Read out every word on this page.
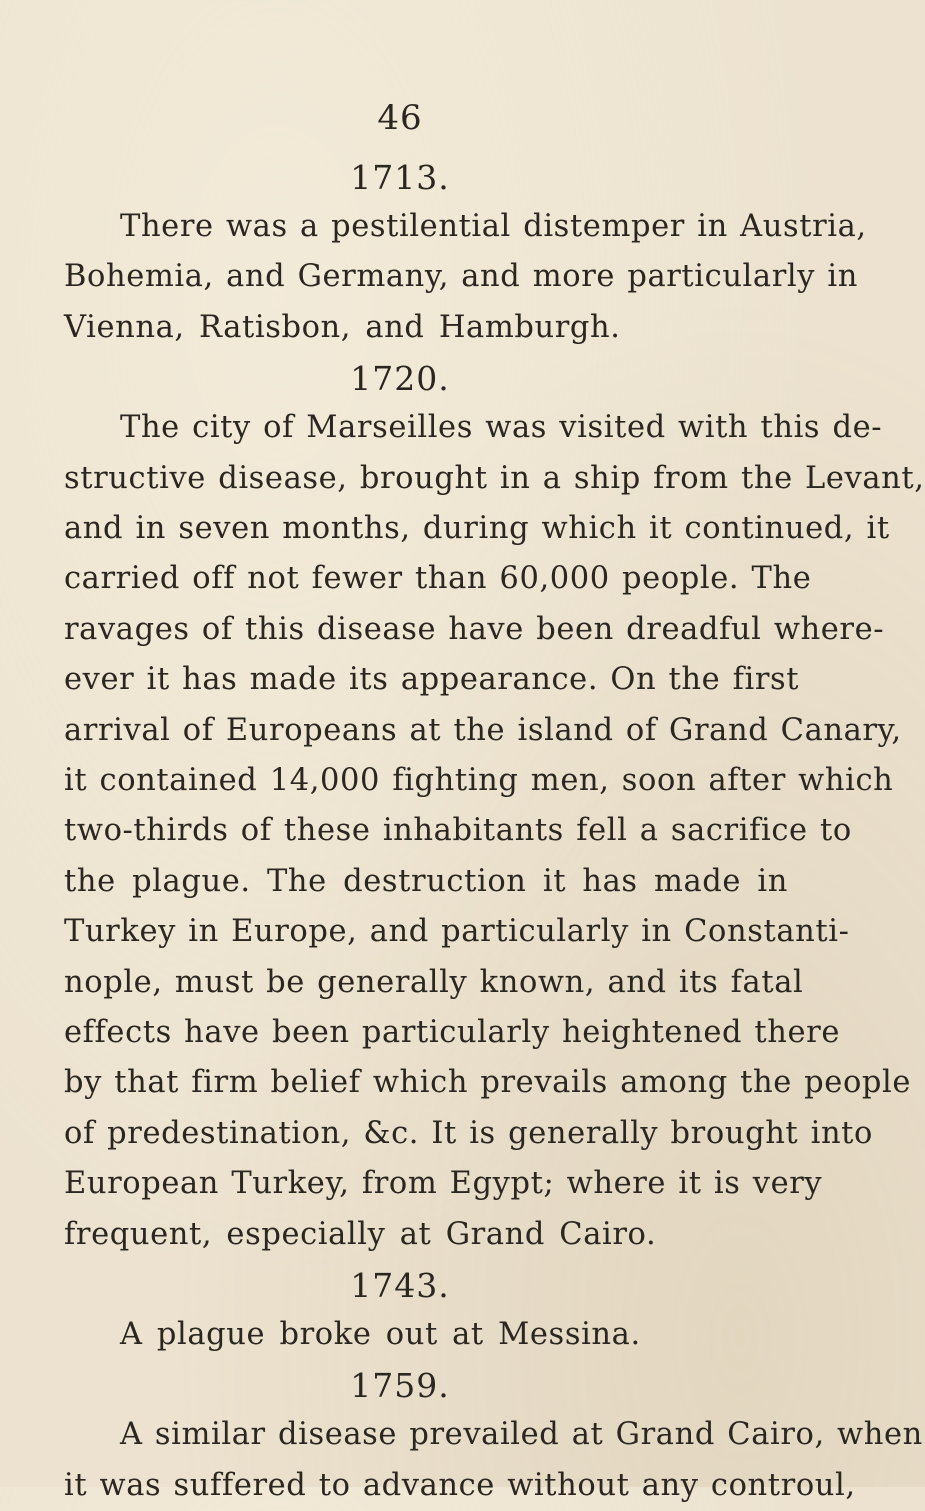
46
1713.
There was a pestilential distemper in Austria,
Bohemia, and Germany, and more particularly in
Vienna, Ratisbon, and Hamburgh.
1720.
The city of Marseilles was visited with this de-
structive disease, brought in a ship from the Levant,
and in seven months, during which it continued, it
carried off not fewer than 60,000 people. The
ravages of this disease have been dreadful where-
ever it has made its appearance. On the first
arrival of Europeans at the island of Grand Canary,
it contained 14,000 fighting men, soon after which
two-thirds of these inhabitants fell a sacrifice to
the plague. The destruction it has made in
Turkey in Europe, and particularly in Constanti-
nople, must be generally known, and its fatal
effects have been particularly heightened there
by that firm belief which prevails among the people
of predestination, &c. It is generally brought into
European Turkey, from Egypt; where it is very
frequent, especially at Grand Cairo.
1743.
A plague broke out at Messina.
1759.
A similar disease prevailed at Grand Cairo, when
it was suffered to advance without any controul,
